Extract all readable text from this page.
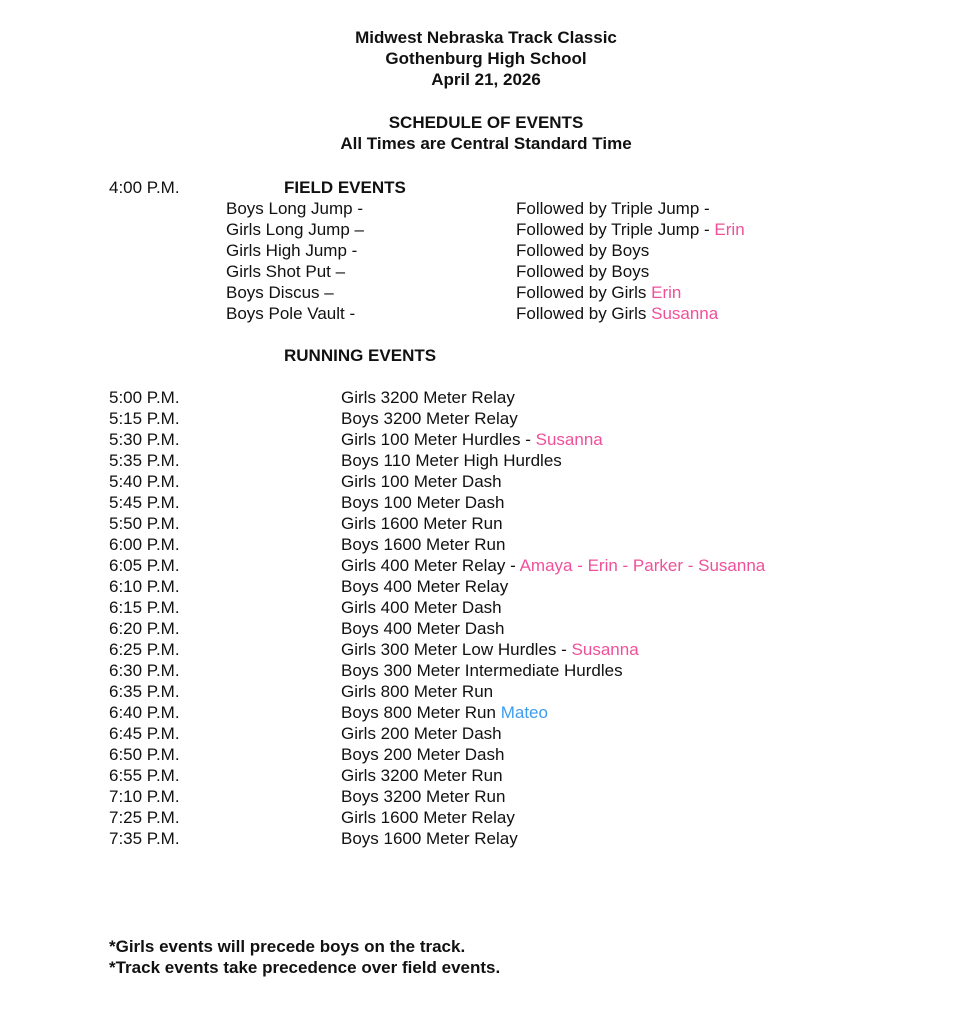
Midwest Nebraska Track Classic
Gothenburg High School
April 21, 2026
SCHEDULE OF EVENTS
All Times are Central Standard Time
4:00 P.M.	FIELD EVENTS
Boys Long Jump -	Followed by Triple Jump -
Girls Long Jump –	Followed by Triple Jump - Erin
Girls High Jump -	Followed by Boys
Girls Shot Put –	Followed by Boys
Boys Discus –	Followed by Girls Erin
Boys Pole Vault -	Followed by Girls Susanna
RUNNING EVENTS
5:00 P.M.	Girls 3200 Meter Relay
5:15 P.M.	Boys 3200 Meter Relay
5:30 P.M.	Girls 100 Meter Hurdles - Susanna
5:35 P.M.	Boys 110 Meter High Hurdles
5:40 P.M.	Girls 100 Meter Dash
5:45 P.M.	Boys 100 Meter Dash
5:50 P.M.	Girls 1600 Meter Run
6:00 P.M.	Boys 1600 Meter Run
6:05 P.M.	Girls 400 Meter Relay - Amaya - Erin - Parker - Susanna
6:10 P.M.	Boys 400 Meter Relay
6:15 P.M.	Girls 400 Meter Dash
6:20 P.M.	Boys 400 Meter Dash
6:25 P.M.	Girls 300 Meter Low Hurdles - Susanna
6:30 P.M.	Boys 300 Meter Intermediate Hurdles
6:35 P.M.	Girls 800 Meter Run
6:40 P.M.	Boys 800 Meter Run Mateo
6:45 P.M.	Girls 200 Meter Dash
6:50 P.M.	Boys 200 Meter Dash
6:55 P.M.	Girls 3200 Meter Run
7:10 P.M.	Boys 3200 Meter Run
7:25 P.M.	Girls 1600 Meter Relay
7:35 P.M.	Boys 1600 Meter Relay
*Girls events will precede boys on the track.
*Track events take precedence over field events.
